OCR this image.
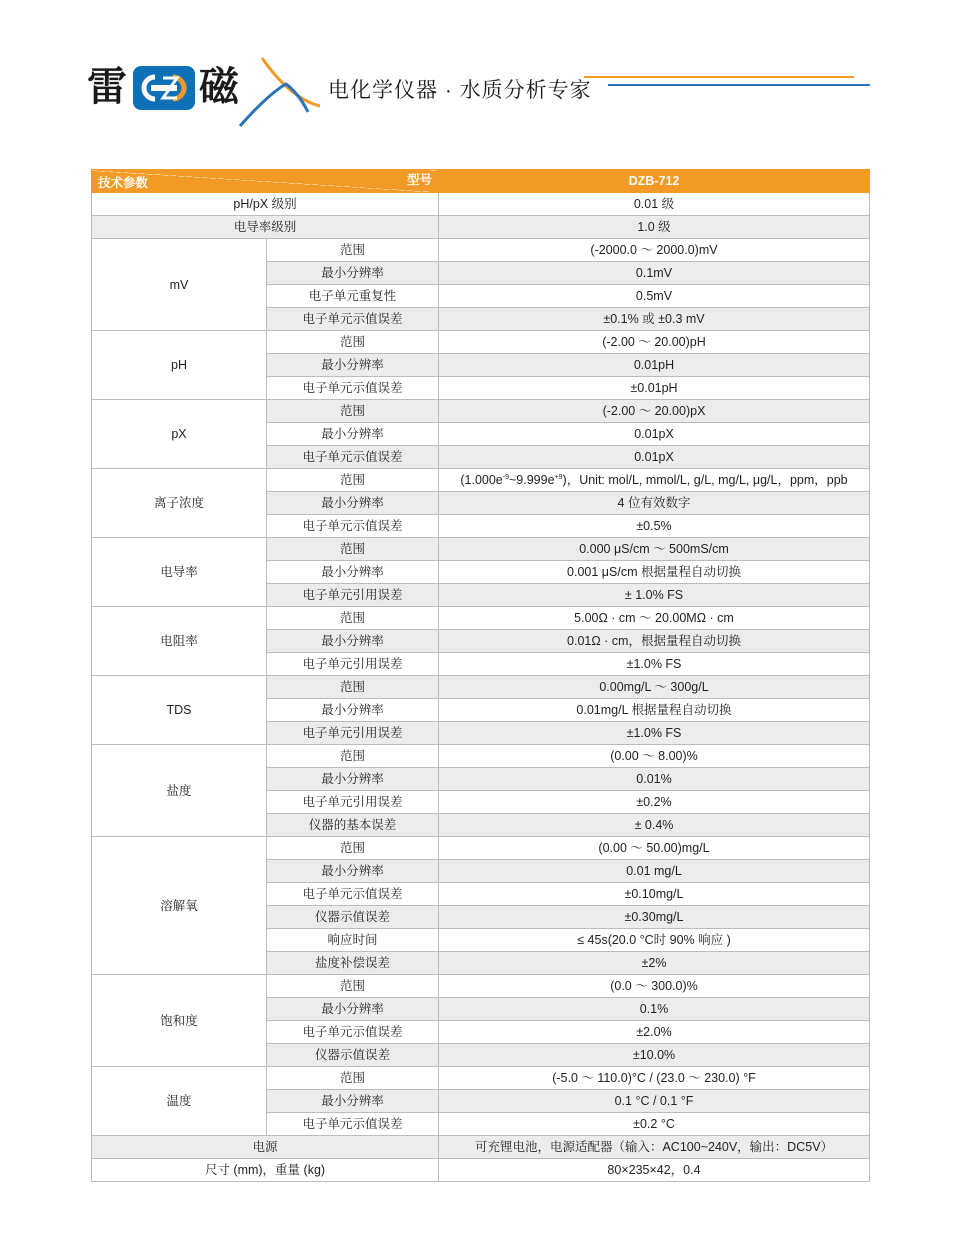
雷 磁	电化学仪器 · 水质分析专家
技术参数 型号		DZB-712
pH/pX 级别		0.01 级
电导率级别		1.0 级
mV	范围	(-2000.0 ～ 2000.0)mV
	最小分辨率	0.1mV
	电子单元重复性	0.5mV
	电子单元示值误差	±0.1% 或 ±0.3 mV
pH	范围	(-2.00 ～ 20.00)pH
	最小分辨率	0.01pH
	电子单元示值误差	±0.01pH
pX	范围	(-2.00 ～ 20.00)pX
	最小分辨率	0.01pX
	电子单元示值误差	0.01pX
离子浓度	范围	$(1.000e^{-9}\sim 9.999e^{+9})$，Unit: mol/L, mmol/L, g/L, mg/L, μg/L，ppm，ppb
	最小分辨率	4 位有效数字
	电子单元示值误差	±0.5%
电导率	范围	0.000 μS/cm ～ 500mS/cm
	最小分辨率	0.001 μS/cm 根据量程自动切换
	电子单元引用误差	± 1.0% FS
电阻率	范围	5.00Ω · cm ～ 20.00MΩ · cm
	最小分辨率	0.01Ω · cm，根据量程自动切换
	电子单元引用误差	±1.0% FS
TDS	范围	0.00mg/L ～ 300g/L
	最小分辨率	0.01mg/L 根据量程自动切换
	电子单元引用误差	±1.0% FS
盐度	范围	(0.00 ～ 8.00)%
	最小分辨率	0.01%
	电子单元引用误差	±0.2%
	仪器的基本误差	± 0.4%
溶解氧	范围	(0.00 ～ 50.00)mg/L
	最小分辨率	0.01 mg/L
	电子单元示值误差	±0.10mg/L
	仪器示值误差	±0.30mg/L
	响应时间	≤ 45s(20.0 °C时 90% 响应 )
	盐度补偿误差	±2%
饱和度	范围	(0.0 ～ 300.0)%
	最小分辨率	0.1%
	电子单元示值误差	±2.0%
	仪器示值误差	±10.0%
温度	范围	(-5.0 ～ 110.0)°C / (23.0 ～ 230.0) °F
	最小分辨率	0.1 °C / 0.1 °F
	电子单元示值误差	±0.2 °C
电源		可充锂电池，电源适配器（输入：AC100~240V，输出：DC5V）
尺寸 (mm)，重量 (kg)		80×235×42，0.4
